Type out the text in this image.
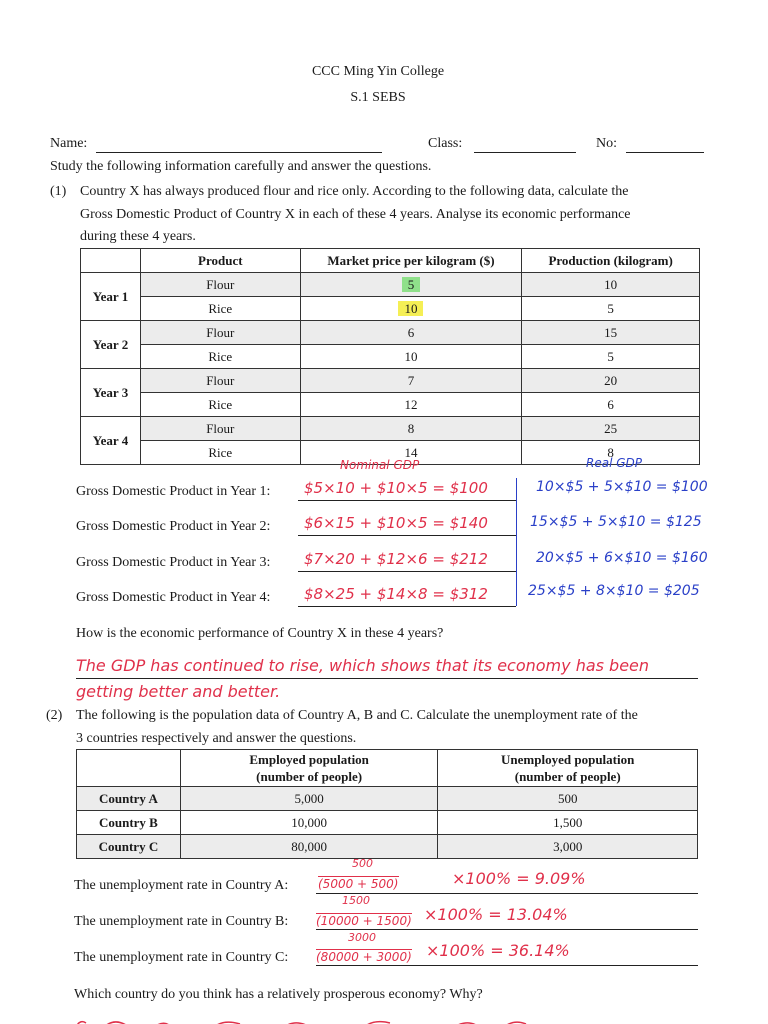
CCC Ming Yin College
S.1 SEBS
Name:	Class:	No:
Study the following information carefully and answer the questions.
(1) Country X has always produced flour and rice only. According to the following data, calculate the
Gross Domestic Product of Country X in each of these 4 years. Analyse its economic performance
during these 4 years.
	Product	Market price per kilogram ($)	Production (kilogram)
Year 1	Flour	5	10
	Rice	10	5
Year 2	Flour	6	15
	Rice	10	5
Year 3	Flour	7	20
	Rice	12	6
Year 4	Flour	8	25
	Rice	14	8
Nominal GDP	Real GDP
Gross Domestic Product in Year 1: $5×10 + $10×5 = $100	10×$5 + 5×$10 = $100
Gross Domestic Product in Year 2: $6×15 + $10×5 = $140	15×$5 + 5×$10 = $125
Gross Domestic Product in Year 3: $7×20 + $12×6 = $212	20×$5 + 6×$10 = $160
Gross Domestic Product in Year 4: $8×25 + $14×8 = $312	25×$5 + 8×$10 = $205
How is the economic performance of Country X in these 4 years?
The GDP has continued to rise, which shows that its economy has been
getting better and better.
(2) The following is the population data of Country A, B and C. Calculate the unemployment rate of the
3 countries respectively and answer the questions.
	Employed population
(number of people)	Unemployed population
(number of people)
Country A	5,000	500
Country B	10,000	1,500
Country C	80,000	3,000
The unemployment rate in Country A:
500
(5000 + 500)	×100% = 9.09%
The unemployment rate in Country B:
1500
(10000 + 1500) ×100% = 13.04%
The unemployment rate in Country C:
3000
(80000 + 3000) ×100% = 36.14%
Which country do you think has a relatively prosperous economy? Why?
